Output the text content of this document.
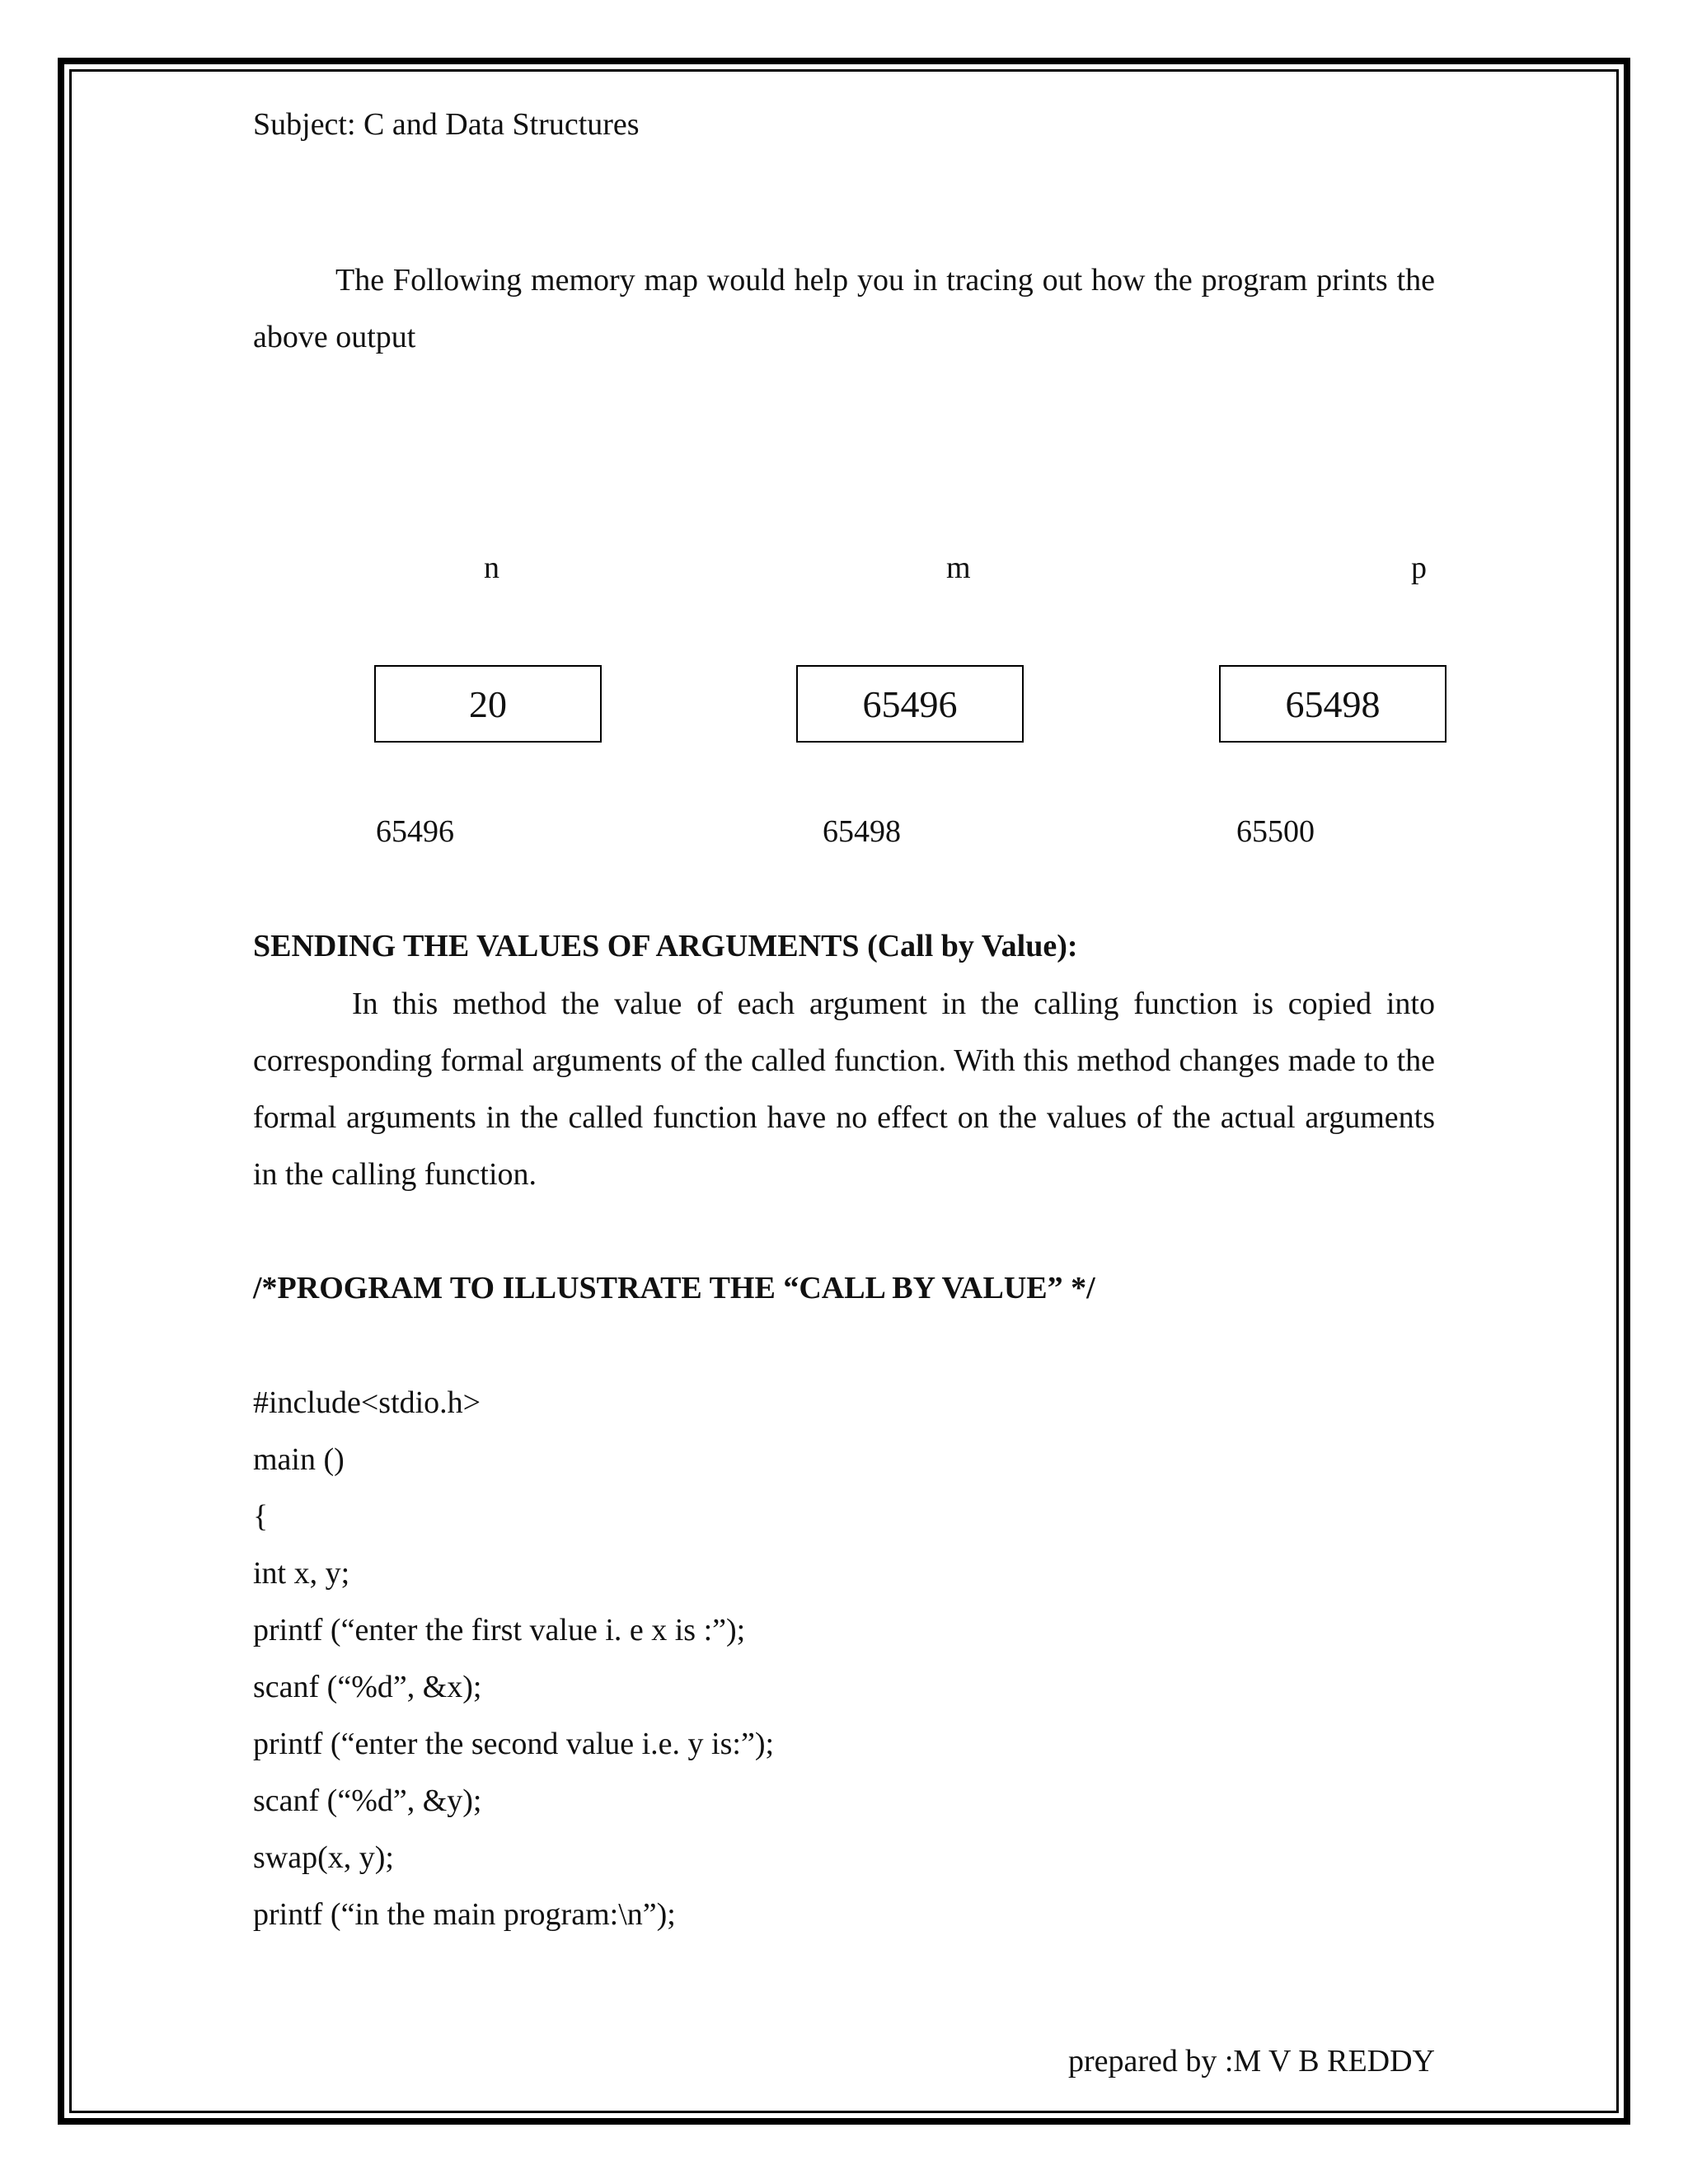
Subject: C and Data Structures
The Following memory map would help you in tracing out how the program prints the above output
n	m	p
20	65496	65498
65496	65498	65500
SENDING THE VALUES OF ARGUMENTS (Call by Value):
In this method the value of each argument in the calling function is copied into corresponding formal arguments of the called function. With this method changes made to the formal arguments in the called function have no effect on the values of the actual arguments in the calling function.
/*PROGRAM TO ILLUSTRATE THE “CALL BY VALUE” */
#include<stdio.h>
main ()
{
int x, y;
printf (“enter the first value i. e x is :”);
scanf (“%d”, &x);
printf (“enter the second value i.e. y is:”);
scanf (“%d”, &y);
swap(x, y);
printf (“in the main program:\n”);
prepared by :M V B REDDY
